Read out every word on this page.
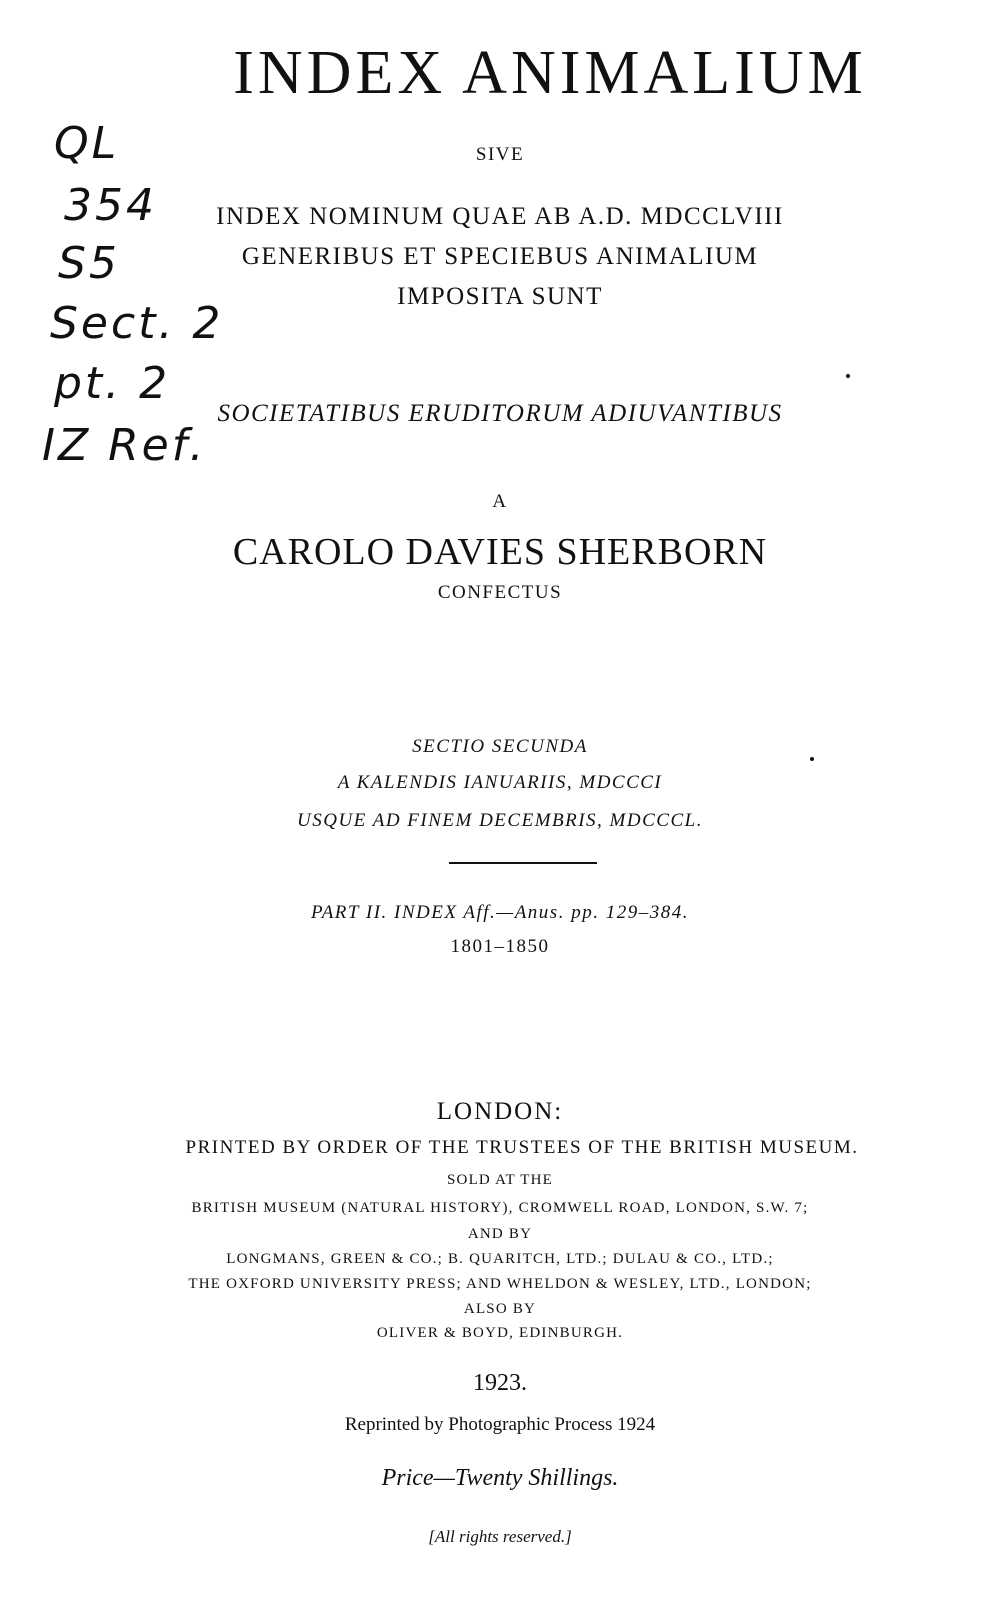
INDEX ANIMALIUM
SIVE
INDEX NOMINUM QUAE AB A.D. MDCCLVIII
GENERIBUS ET SPECIEBUS ANIMALIUM
IMPOSITA SUNT
SOCIETATIBUS ERUDITORUM ADIUVANTIBUS
A
CAROLO DAVIES SHERBORN
CONFECTUS
SECTIO SECUNDA
A KALENDIS IANUARIIS, MDCCCI
USQUE AD FINEM DECEMBRIS, MDCCCL.
PART II. INDEX Aff.—Anus. pp. 129–384.
1801–1850
LONDON:
PRINTED BY ORDER OF THE TRUSTEES OF THE BRITISH MUSEUM.
SOLD AT THE
BRITISH MUSEUM (NATURAL HISTORY), CROMWELL ROAD, LONDON, S.W. 7;
AND BY
LONGMANS, GREEN & CO.; B. QUARITCH, LTD.; DULAU & CO., LTD.;
THE OXFORD UNIVERSITY PRESS; AND WHELDON & WESLEY, LTD., LONDON;
ALSO BY
OLIVER & BOYD, EDINBURGH.
1923.
Reprinted by Photographic Process 1924
Price—Twenty Shillings.
[All rights reserved.]
QL
354
S5
Sect. 2
pt. 2
IZ Ref.
